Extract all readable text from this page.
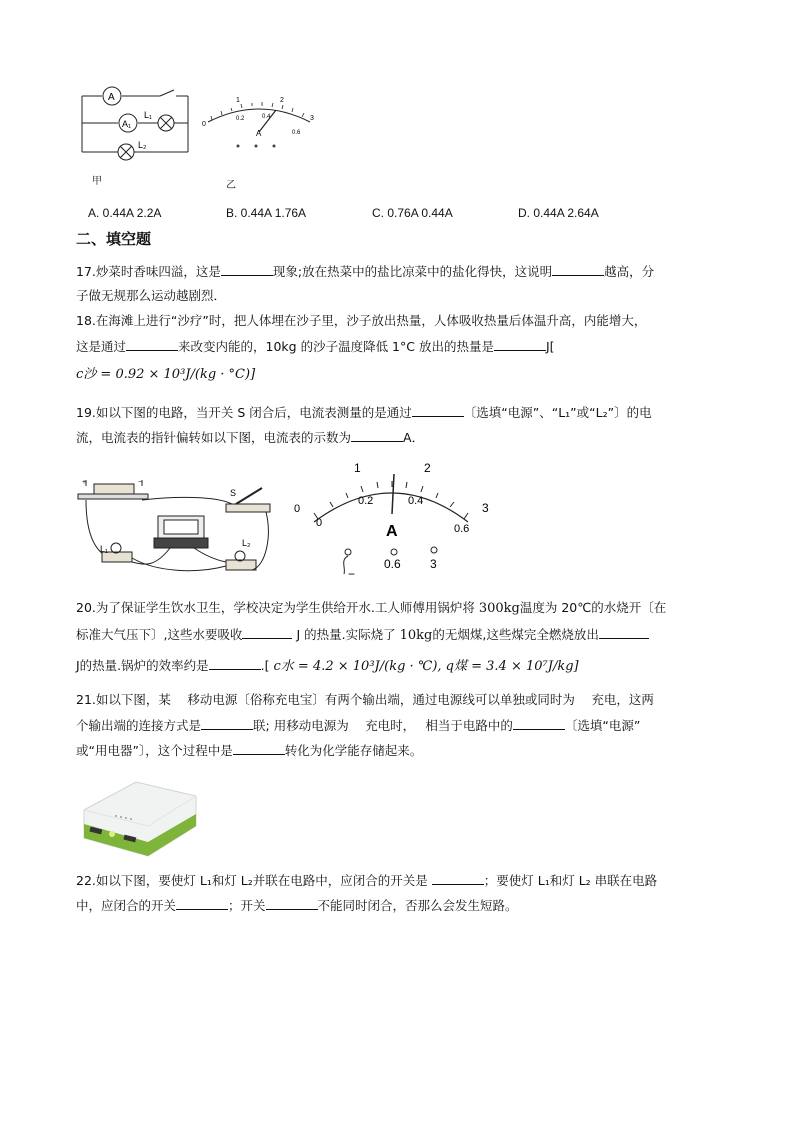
A
A₁
L₁
L₂
甲
0
1	2
3
0.2	0.4
0.6
A
乙
A. 0.44A 2.2A	B. 0.44A 1.76A	C. 0.76A 0.44A	D. 0.44A 2.64A
二、填空题
17.炒菜时香味四溢，这是	现象;放在热菜中的盐比凉菜中的盐化得快，这说明	越高，分
子做无规那么运动越剧烈．
18.在海滩上进行“沙疗”时，把人体埋在沙子里，沙子放出热量，人体吸收热量后体温升高，内能增大，
这是通过	来改变内能的，10kg 的沙子温度降低 1°C 放出的热量是	J[
c沙 = 0.92 × 10³J/(kg · °C)]
19.如以下图的电路，当开关 S 闭合后，电流表测量的是通过	〔选填“电源”、“L₁”或“L₂”〕的电
流，电流表的指针偏转如以下图，电流表的示数为	A．
+	−
S
L₁
L₂
0
0
1	2
3
0.2	0.4
0.6
A
−
0.6 3
20.为了保证学生饮水卫生，学校决定为学生供给开水.工人师傅用锅炉将 300kg温度为 20℃的水烧开〔在
标准大气压下〕,这些水要吸收	J 的热量.实际烧了 10kg的无烟煤,这些煤完全燃烧放出
J的热量.锅炉的效率约是	.[ c水 = 4.2 × 10³J/(kg · ℃), q煤 = 3.4 × 10⁷J/kg]
21.如以下图，某　 移动电源〔俗称充电宝〕有两个输出端，通过电源线可以单独或同时为　 充电，这两
个输出端的连接方式是	联; 用移动电源为　 充电时，　 相当于电路中的	〔选填“电源”
或“用电器”〕，这个过程中是	转化为化学能存储起来。
22.如以下图，要使灯 L₁和灯 L₂并联在电路中，应闭合的开关是	；要使灯 L₁和灯 L₂ 串联在电路
中，应闭合的开关	；开关	不能同时闭合，否那么会发生短路。
